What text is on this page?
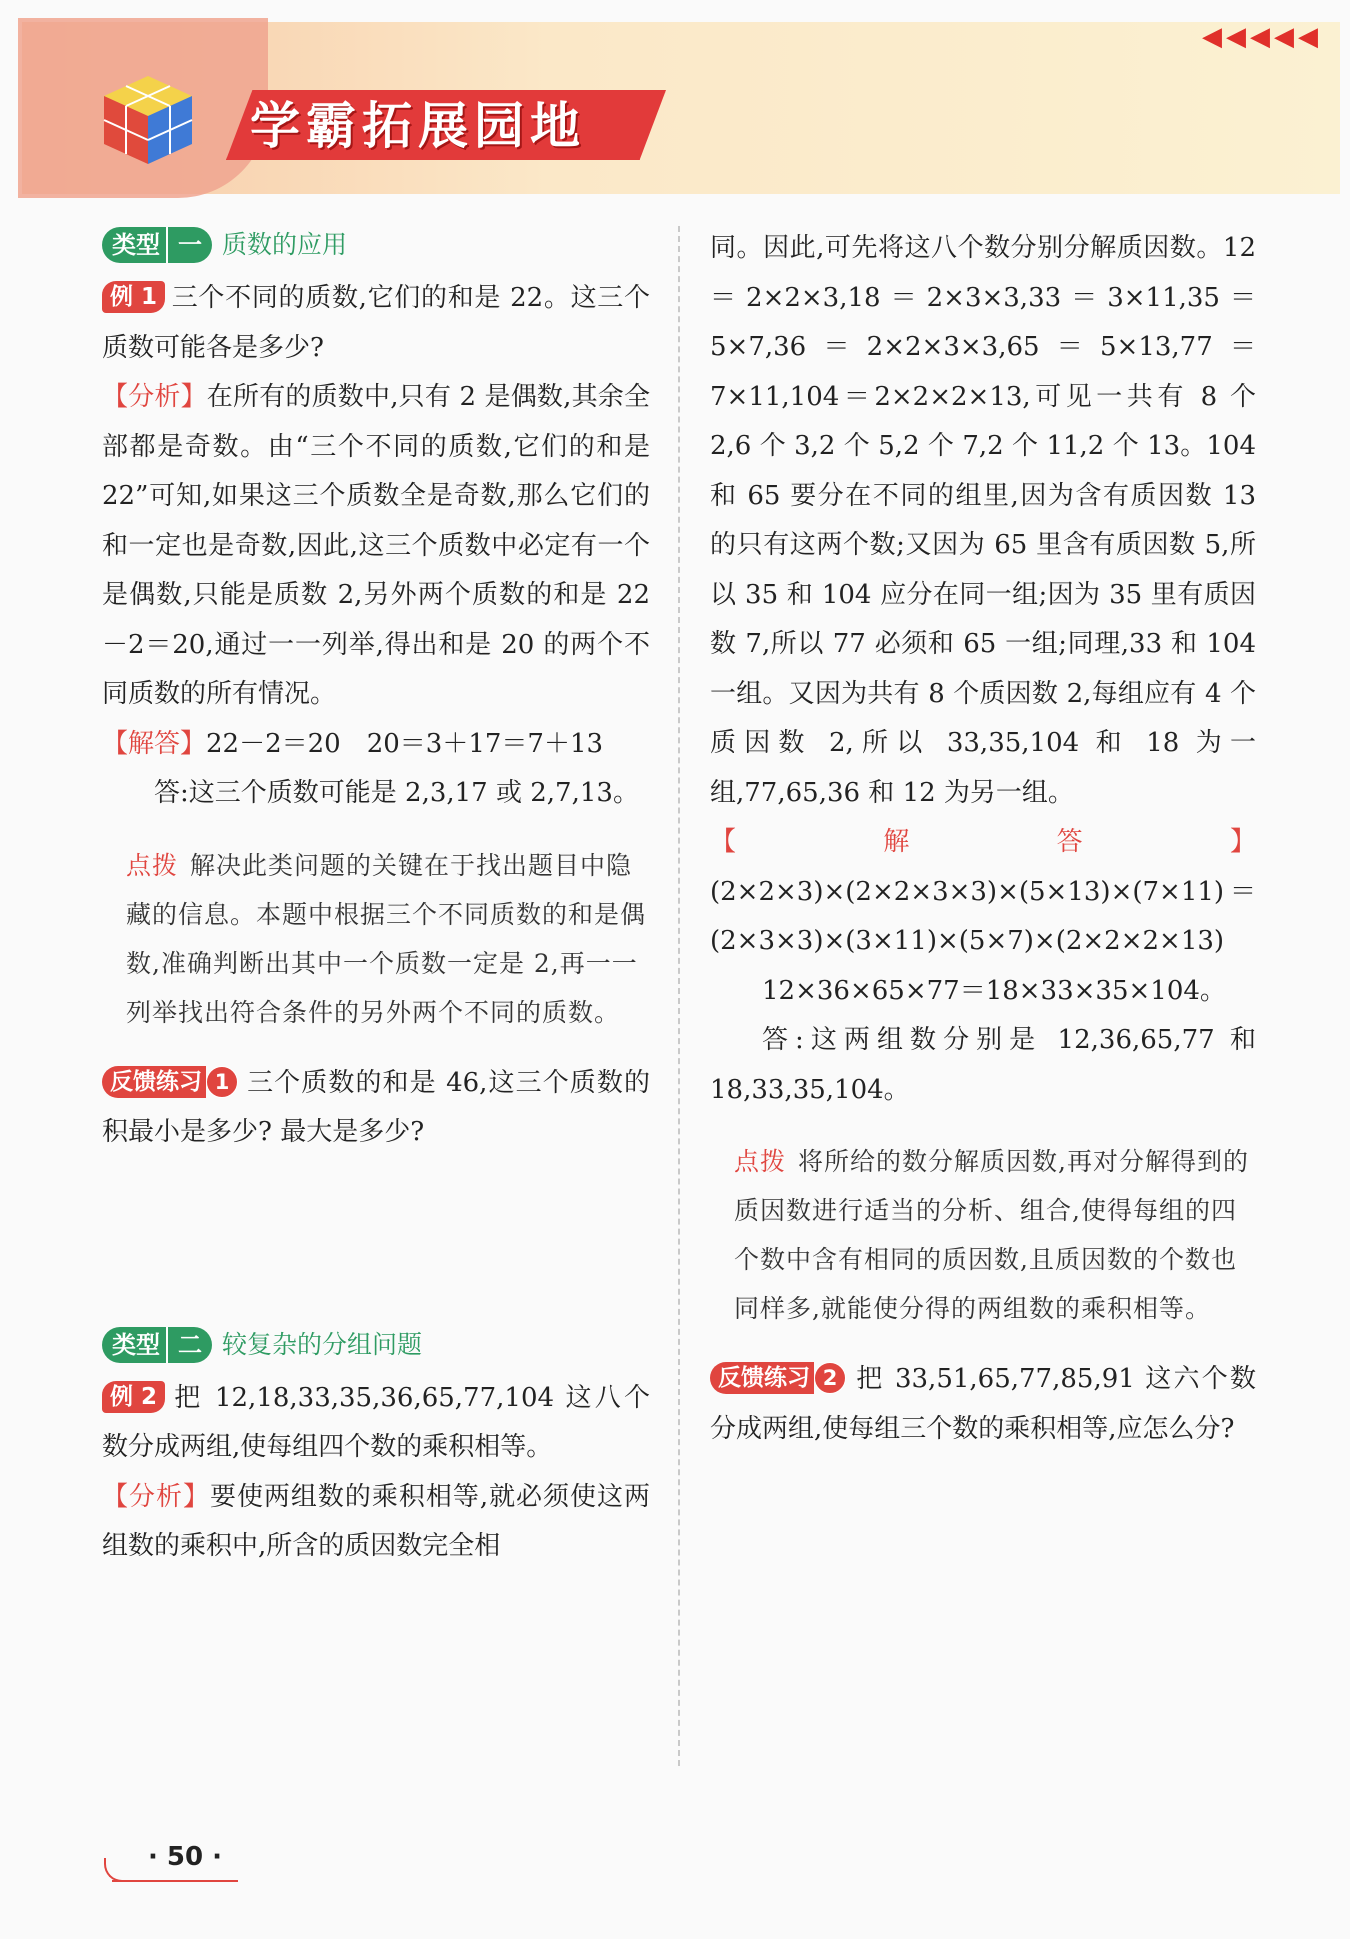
◀◀◀◀◀
学霸拓展园地
类型 一 质数的应用

例 1 三个不同的质数,它们的和是 22。这三个质数可能各是多少?

【分析】在所有的质数中,只有 2 是偶数,其余全部都是奇数。由“三个不同的质数,它们的和是 22”可知,如果这三个质数全是奇数,那么它们的和一定也是奇数,因此,这三个质数中必定有一个是偶数,只能是质数 2,另外两个质数的和是 22－2＝20,通过一一列举,得出和是 20 的两个不同质数的所有情况。

【解答】22－2＝20　20＝3＋17＝7＋13

答:这三个质数可能是 2,3,17 或 2,7,13。

点拨 解决此类问题的关键在于找出题目中隐藏的信息。本题中根据三个不同质数的和是偶数,准确判断出其中一个质数一定是 2,再一一列举找出符合条件的另外两个不同的质数。

反馈练习 1 三个质数的和是 46,这三个质数的积最小是多少? 最大是多少?

类型 二 较复杂的分组问题

例 2 把 12,18,33,35,36,65,77,104 这八个数分成两组,使每组四个数的乘积相等。

【分析】要使两组数的乘积相等,就必须使这两组数的乘积中,所含的质因数完全相

同。因此,可先将这八个数分别分解质因数。12＝2×2×3,18＝2×3×3,33＝3×11,35＝5×7,36＝2×2×3×3,65＝5×13,77＝7×11,104＝2×2×2×13,可见一共有 8 个 2,6 个 3,2 个 5,2 个 7,2 个 11,2 个 13。104 和 65 要分在不同的组里,因为含有质因数 13 的只有这两个数;又因为 65 里含有质因数 5,所以 35 和 104 应分在同一组;因为 35 里有质因数 7,所以 77 必须和 65 一组;同理,33 和 104 一组。又因为共有 8 个质因数 2,每组应有 4 个质因数 2,所以 33,35,104 和 18 为一组,77,65,36 和 12 为另一组。

【解答】(2×2×3)×(2×2×3×3)×(5×13)×(7×11)＝(2×3×3)×(3×11)×(5×7)×(2×2×2×13)

12×36×65×77＝18×33×35×104。

答:这两组数分别是 12,36,65,77 和 18,33,35,104。

点拨 将所给的数分解质因数,再对分解得到的质因数进行适当的分析、组合,使得每组的四个数中含有相同的质因数,且质因数的个数也同样多,就能使分得的两组数的乘积相等。

反馈练习 2 把 33,51,65,77,85,91 这六个数分成两组,使每组三个数的乘积相等,应怎么分?

· 50 ·
